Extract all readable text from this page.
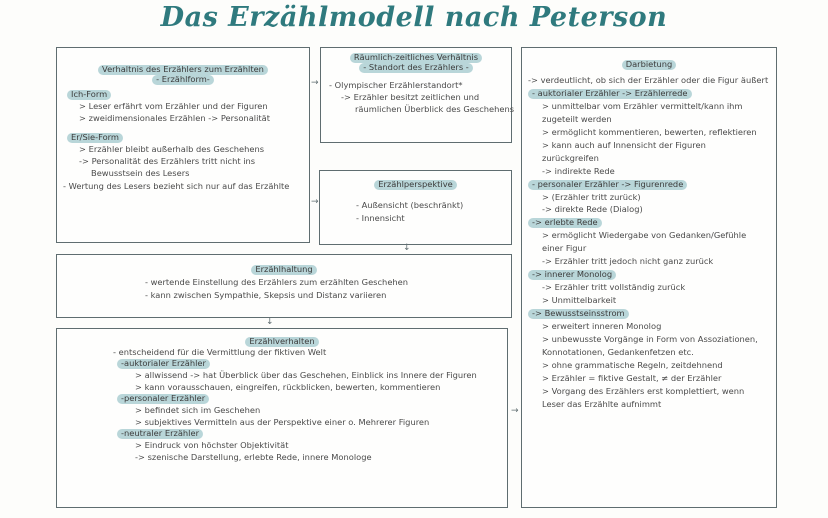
Das Erzählmodell nach Peterson
Verhaltnis des Erzählers zum Erzählten
- Erzählform-
Ich-Form
> Leser erfährt vom Erzähler und der Figuren
> zweidimensionales Erzählen -> Personalität
Er/Sie-Form
> Erzähler bleibt außerhalb des Geschehens
-> Personalität des Erzählers tritt nicht ins
Bewusstsein des Lesers
- Wertung des Lesers bezieht sich nur auf das Erzählte
→
Räumlich-zeitliches Verhältnis
- Standort des Erzählers -
- Olympischer Erzählerstandort*
-> Erzähler besitzt zeitlichen und
räumlichen Überblick des Geschehens
→
Erzählperspektive
- Außensicht (beschränkt)
- Innensicht
↓
Erzählhaltung
- wertende Einstellung des Erzählers zum erzählten Geschehen
- kann zwischen Sympathie, Skepsis und Distanz variieren
↓
Erzählverhalten
- entscheidend für die Vermittlung der fiktiven Welt
-auktorialer Erzähler
> allwissend -> hat Überblick über das Geschehen, Einblick ins Innere der Figuren
> kann vorausschauen, eingreifen, rückblicken, bewerten, kommentieren
-personaler Erzähler
> befindet sich im Geschehen
> subjektives Vermitteln aus der Perspektive einer o. Mehrerer Figuren
-neutraler Erzähler
> Eindruck von höchster Objektivität
-> szenische Darstellung, erlebte Rede, innere Monologe
→
Darbietung
-> verdeutlicht, ob sich der Erzähler oder die Figur äußert
- auktorialer Erzähler -> Erzählerrede
> unmittelbar vom Erzähler vermittelt/kann ihm
zugeteilt werden
> ermöglicht kommentieren, bewerten, reflektieren
> kann auch auf Innensicht der Figuren
zurückgreifen
-> indirekte Rede
- personaler Erzähler -> Figurenrede
> (Erzähler tritt zurück)
-> direkte Rede (Dialog)
-> erlebte Rede
> ermöglicht Wiedergabe von Gedanken/Gefühle
einer Figur
-> Erzähler tritt jedoch nicht ganz zurück
-> innerer Monolog
-> Erzähler tritt vollständig zurück
> Unmittelbarkeit
-> Bewusstseinsstrom
> erweitert inneren Monolog
> unbewusste Vorgänge in Form von Assoziationen,
Konnotationen, Gedankenfetzen etc.
> ohne grammatische Regeln, zeitdehnend
> Erzähler = fiktive Gestalt, ≠ der Erzähler
> Vorgang des Erzählers erst komplettiert, wenn
Leser das Erzählte aufnimmt
